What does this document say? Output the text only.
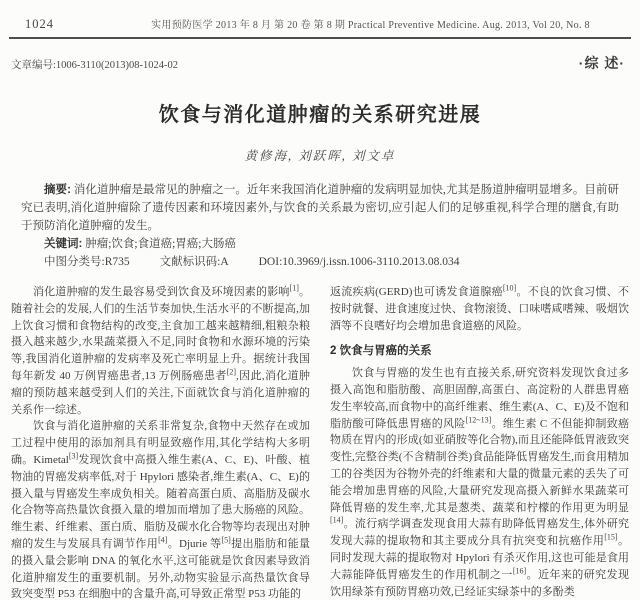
1024	实用预防医学 2013 年 8 月 第 20 卷 第 8 期 Practical Preventive Medicine. Aug. 2013, Vol 20, No. 8
文章编号:1006-3110(2013)08-1024-02	·综 述·
饮食与消化道肿瘤的关系研究进展
黄修海, 刘跃晖, 刘文卓

摘要: 消化道肿瘤是最常见的肿瘤之一。近年来我国消化道肿瘤的发病明显加快,尤其是肠道肿瘤明显增多。目前研究已表明,消化道肿瘤除了遗传因素和环境因素外,与饮食的关系最为密切,应引起人们的足够重视,科学合理的膳食,有助于预防消化道肿瘤的发生。

关键词: 肿瘤;饮食;食道癌;胃癌;大肠癌

中图分类号:R735	文献标识码:A	DOI:10.3969/j.issn.1006-3110.2013.08.034

消化道肿瘤的发生最容易受到饮食及环境因素的影响[1]。随着社会的发展,人们的生活节奏加快,生活水平的不断提高,加上饮食习惯和食物结构的改变,主食加工越来越精细,粗粮杂粮摄入越来越少,水果蔬菜摄入不足,同时食物和水源环境的污染等,我国消化道肿瘤的发病率及死亡率明显上升。据统计我国每年新发 40 万例胃癌患者,13 万例肠癌患者[2],因此,消化道肿瘤的预防越来越受到人们的关注,下面就饮食与消化道肿瘤的关系作一综述。

饮食与消化道肿瘤的关系非常复杂,食物中天然存在或加工过程中使用的添加剂具有明显致癌作用,其化学结构大多明确。Kimetal[3]发现饮食中高摄入维生素(A、C、E)、叶酸、植物油的胃癌发病率低,对于 Hpylori 感染者,维生素(A、C、E)的摄入量与胃癌发生率成负相关。随着高蛋白质、高脂肪及碳水化合物等高热量饮食摄入量的增加而增加了患大肠癌的风险。维生素、纤维素、蛋白质、脂肪及碳水化合物等均表现出对肿瘤的发生与发展具有调节作用[4]。Djurie 等[5]提出脂肪和能量的摄入量会影响 DNA 的氧化水平,这可能就是饮食因素导致消化道肿瘤发生的重要机制。另外,动物实验显示高热量饮食导致突变型 P53 在细胞中的含量升高,可导致正常型 P53 功能的

返流疾病(GERD)也可诱发食道腺癌[10]。不良的饮食习惯、不按时就餐、进食速度过快、食物滚烫、口味嗜咸嗜辣、吸烟饮酒等不良嗜好均会增加患食道癌的风险。

2 饮食与胃癌的关系

饮食与胃癌的发生也有直接关系,研究资料发现饮食过多摄入高饱和脂肪酸、高胆固醇,高蛋白、高淀粉的人群患胃癌发生率较高,而食物中的高纤维素、维生素(A、C、E)及不饱和脂肪酸可降低患胃癌的风险[12~13]。维生素 C 不但能抑制致癌物质在胃内的形成(如亚硝胺等化合物),而且还能降低胃液致突变性,完整谷类(不含精制谷类)食品能降低胃癌发生,而食用精加工的谷类因为谷物外壳的纤维素和大量的微量元素的丢失了可能会增加患胃癌的风险,大量研究发现高摄入新鲜水果蔬菜可降低胃癌的发生率,尤其是葱类、蔬菜和柠檬的作用更为明显[14]。流行病学调查发现食用大蒜有助降低胃癌发生,体外研究发现大蒜的提取物和其主要成分具有抗突变和抗癌作用[15]。同时发现大蒜的提取物对 Hpylori 有杀灭作用,这也可能是食用大蒜能降低胃癌发生的作用机制之一[16]。近年来的研究发现饮用绿茶有预防胃癌功效,已经证实绿茶中的多酚类
